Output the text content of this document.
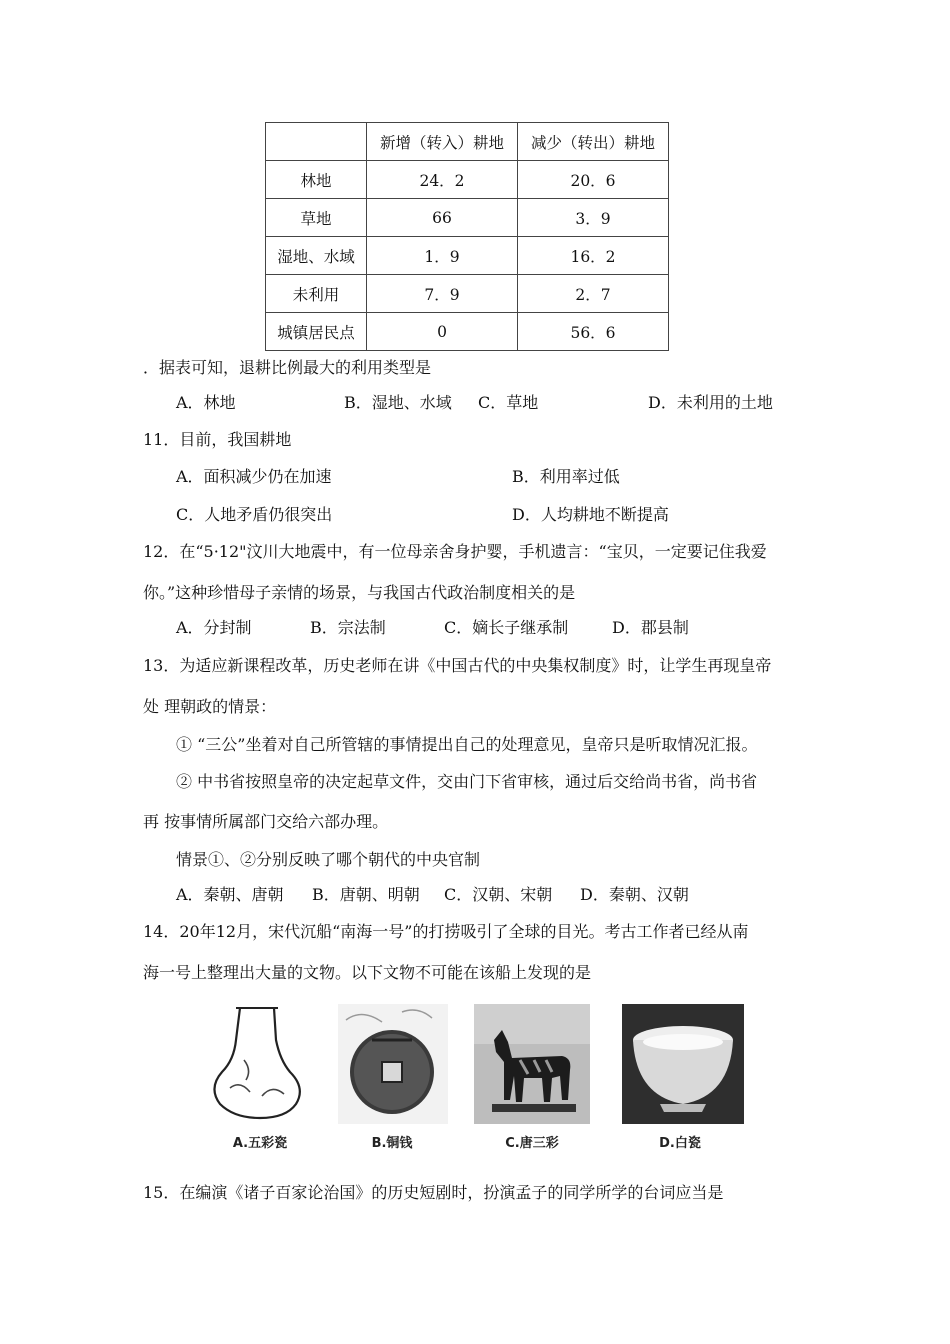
	新增（转入）耕地	减少（转出）耕地
林地	24．2	20．6
草地	66	3．9
湿地、水域	1．9	16．2
未利用	7．9	2．7
城镇居民点	0	56．6
．据表可知，退耕比例最大的利用类型是
A．林地	B．湿地、水域 C．草地	D．未利用的土地
11．目前，我国耕地
A．面积减少仍在加速	B．利用率过低
C．人地矛盾仍很突出	D．人均耕地不断提高
12．在“5·12"汶川大地震中，有一位母亲舍身护婴，手机遗言：“宝贝，一定要记住我爱
你。”这种珍惜母子亲情的场景，与我国古代政治制度相关的是
A．分封制	B．宗法制	C．嫡长子继承制	D．郡县制
13．为适应新课程改革，历史老师在讲《中国古代的中央集权制度》时，让学生再现皇帝
处 理朝政的情景：
① “三公”坐着对自己所管辖的事情提出自己的处理意见，皇帝只是听取情况汇报。
② 中书省按照皇帝的决定起草文件，交由门下省审核，通过后交给尚书省，尚书省
再 按事情所属部门交给六部办理。
情景①、②分别反映了哪个朝代的中央官制
A．秦朝、唐朝 B．唐朝、明朝 C．汉朝、宋朝 D．秦朝、汉朝
14．20年12月，宋代沉船“南海一号”的打捞吸引了全球的目光。考古工作者已经从南
海一号上整理出大量的文物。以下文物不可能在该船上发现的是
A.五彩瓷	B.铜钱	C.唐三彩	D.白瓷
15．在编演《诸子百家论治国》的历史短剧时，扮演孟子的同学所学的台词应当是
